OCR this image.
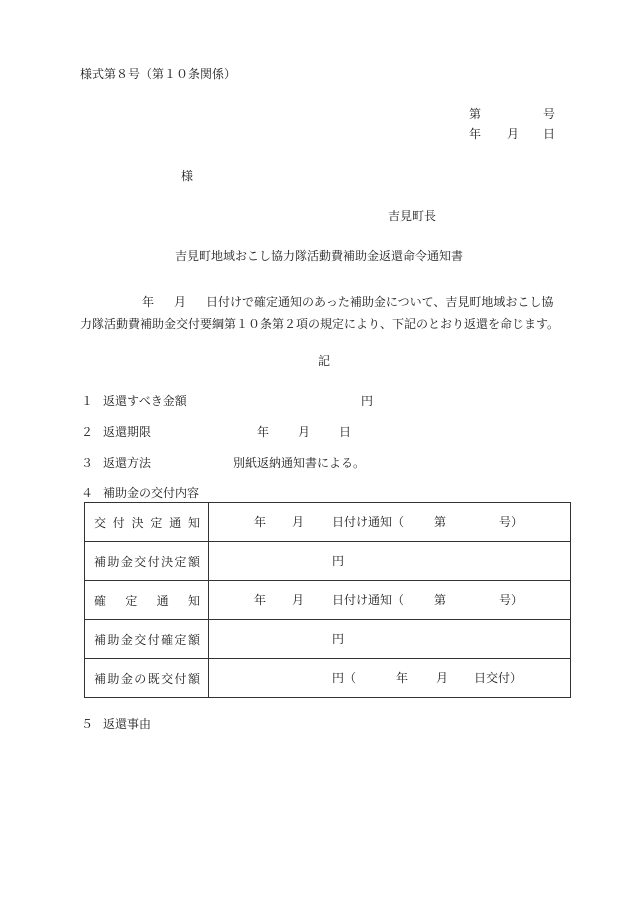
様式第８号（第１０条関係）
第	号
年 月 日
様
吉見町長
吉見町地域おこし協力隊活動費補助金返還命令通知書
年 月 日付けで確定通知のあった補助金について、吉見町地域おこし協
力隊活動費補助金交付要綱第１０条第２項の規定により、下記のとおり返還を命じます。
記
１ 返還すべき金額	円
２ 返還期限	年 月 日
３ 返還方法	別紙返納通知書による。
４ 補助金の交付内容
交付決定通知	年 月 日付け通知（ 第 号）

補助金交付決定額	円

確定通知	年 月 日付け通知（ 第 号）

補助金交付確定額	円

補助金の既交付額	円（ 年 月 日交付）
５ 返還事由
